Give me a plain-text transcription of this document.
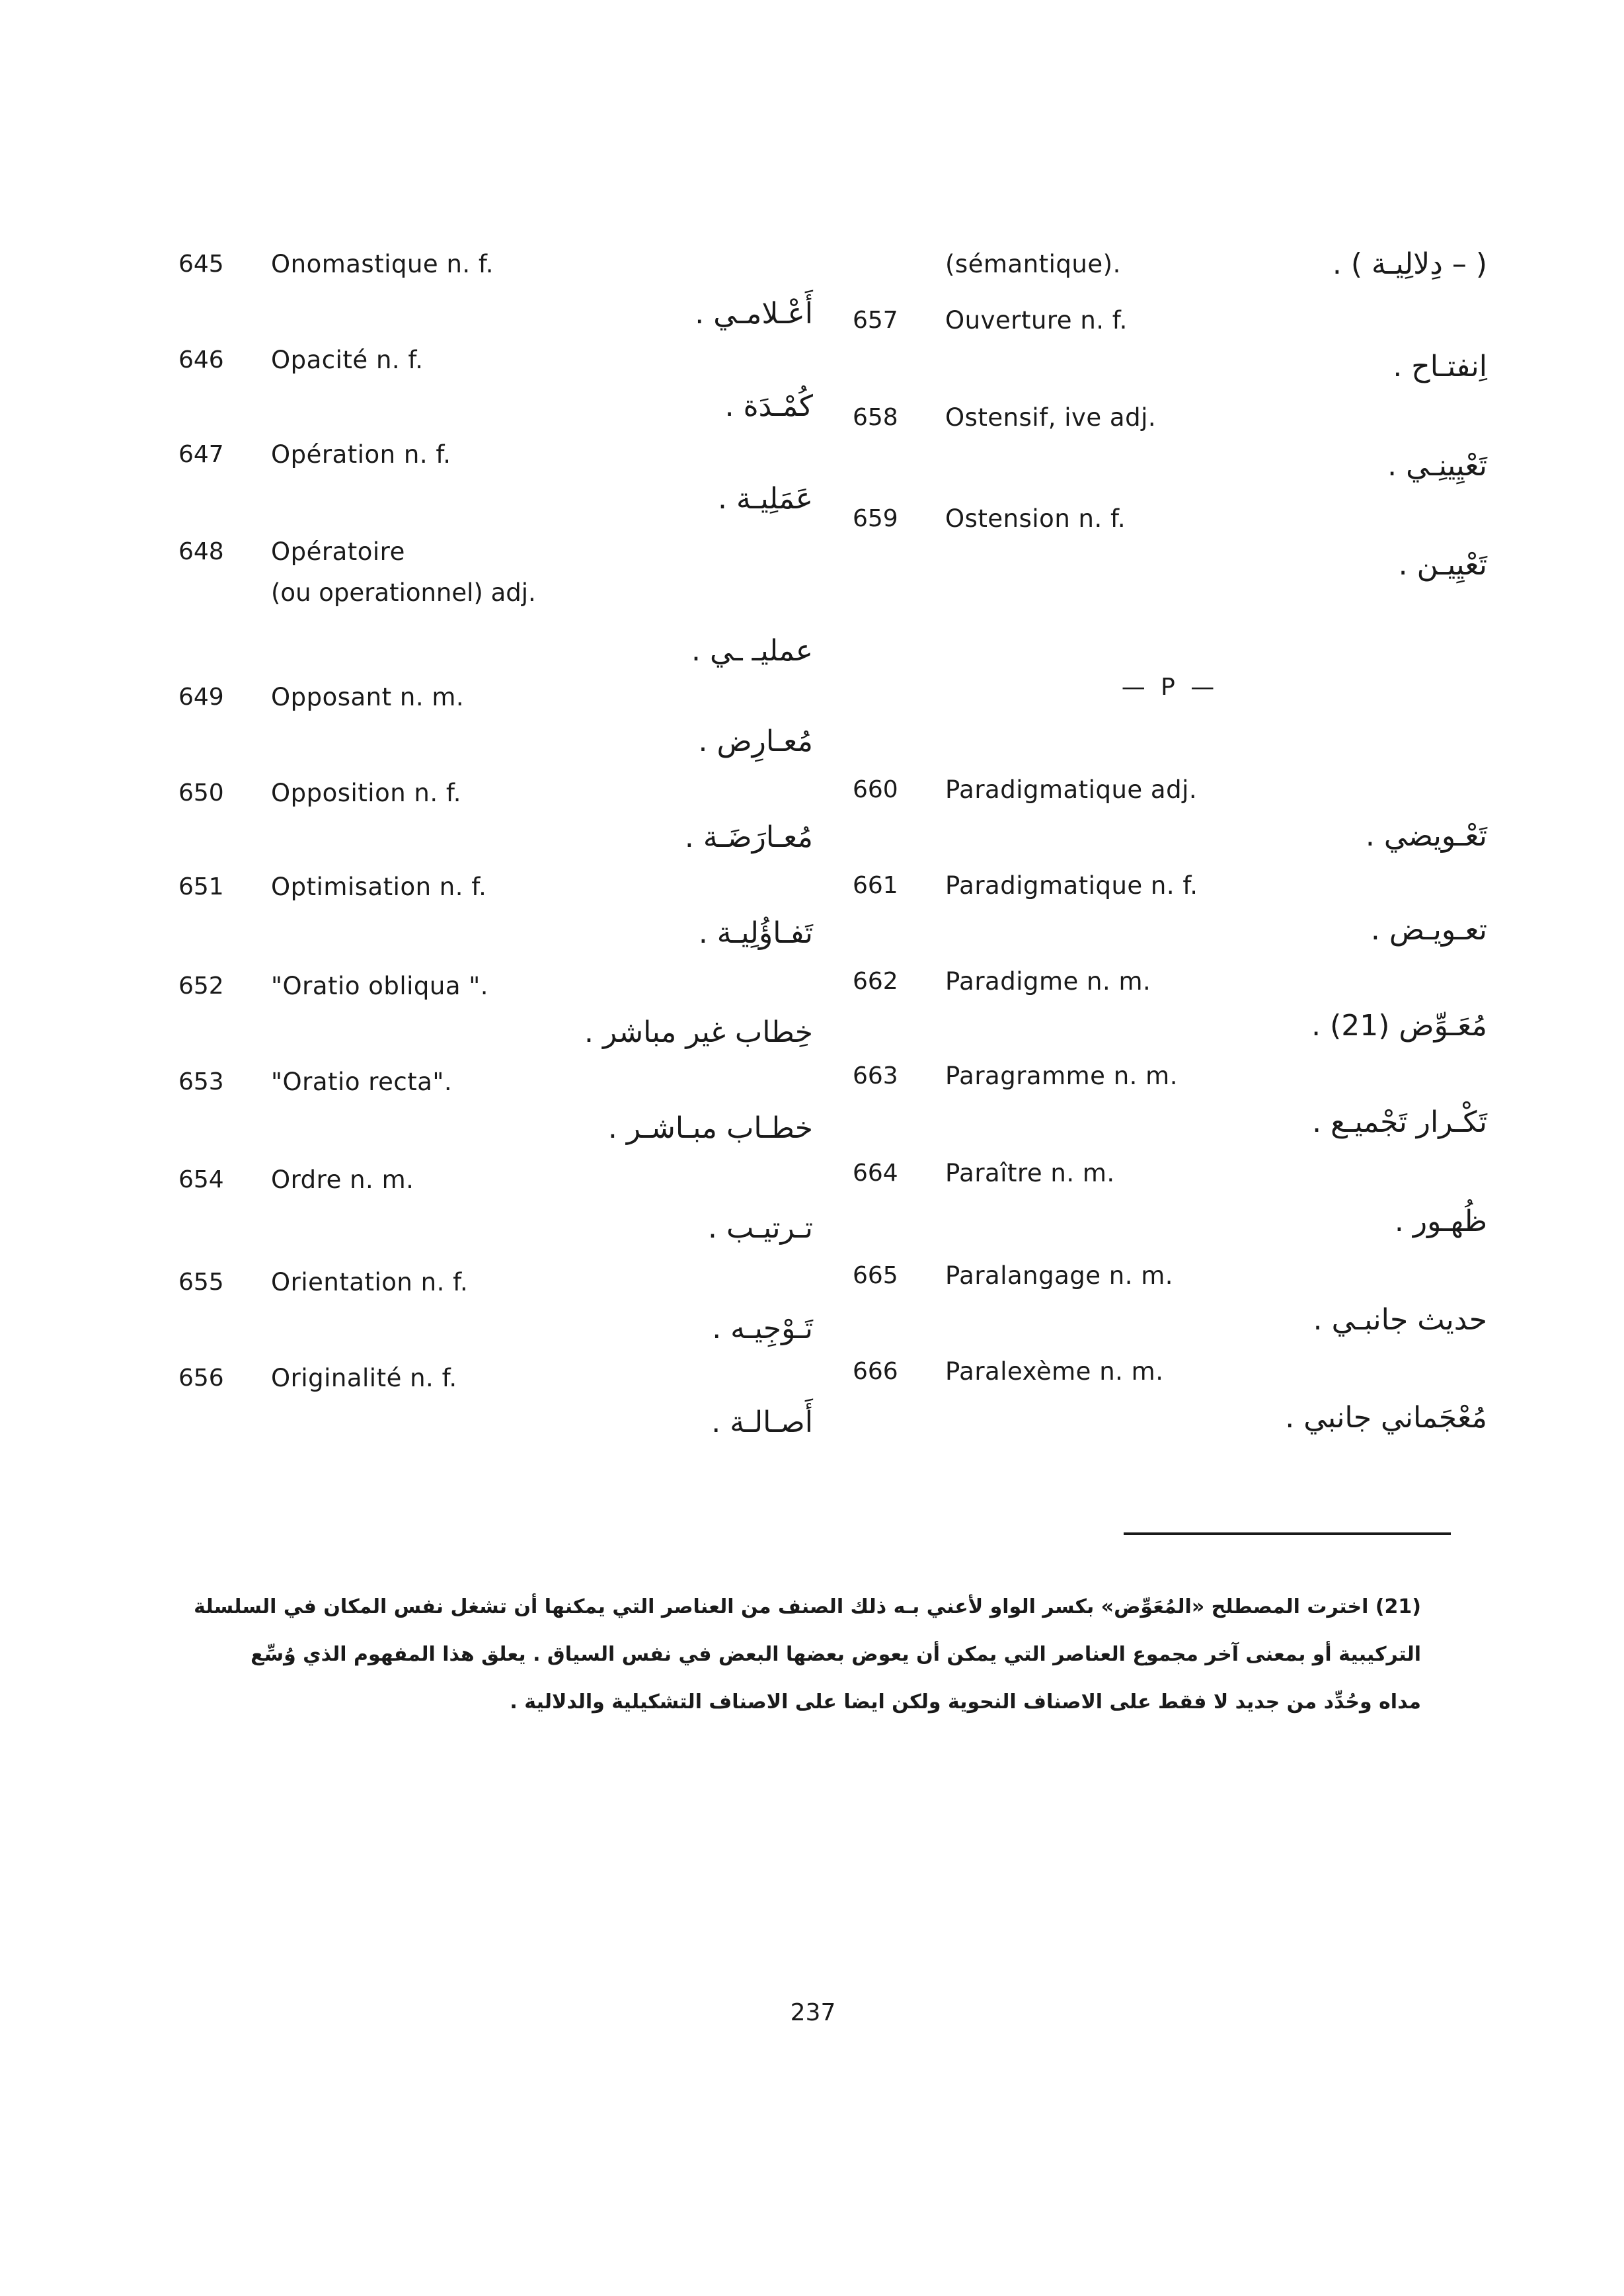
645	Onomastique n. f.
أَعْـلامـي .
646	Opacité n. f.
كُمْـدَة .
647	Opération n. f.
عَمَلِيـة .
648	Opératoire
(ou operationnel) adj.
عمليـ ـي .
649	Opposant n. m.
مُعـارِض .
650	Opposition n. f.
مُعـارَضَـة .
651	Optimisation n. f.
تَفـاؤُلِيـة .
652	"Oratio obliqua ".
خِطاب غير مباشر .
653	"Oratio recta".
خطـاب مبـاشـر .
654	Ordre n. m.
تـرتيـب .
655	Orientation n. f.
تَـوْجِيـه .
656	Originalité n. f.
أَصـالـة .
(sémantique).	( – دِلالِيـة ) .
657	Ouverture n. f.
اِنفتـاح .
658	Ostensif, ive adj.
تَعْيِينِـي .
659	Ostension n. f.
تَعْيِيـن .
— P —
660	Paradigmatique adj.
تَعْـويضي .
661	Paradigmatique n. f.
تعـويـض .
662	Paradigme n. m.
مُعَـوِّض (21) .
663	Paragramme n. m.
تَكْـرار تَجْميـع .
664	Paraître n. m.
ظُهـور .
665	Paralangage n. m.
حديث جانبـي .
666	Paralexème n. m.
مُعْجَماني جانبي .
(21) اخترت المصطلح «المُعَوِّض» بكسر الواو لأعني بـه ذلك الصنف من العناصر التي يمكنها أن تشغل نفس المكان في السلسلة
التركيبية أو بمعنى آخر مجموع العناصر التي يمكن أن يعوض بعضها البعض في نفس السياق . يعلق هذا المفهوم الذي وُسِّع
مداه وحُدِّد من جديد لا فقط على الاصناف النحوية ولكن ايضا على الاصناف التشكيلية والدلالية .
237
